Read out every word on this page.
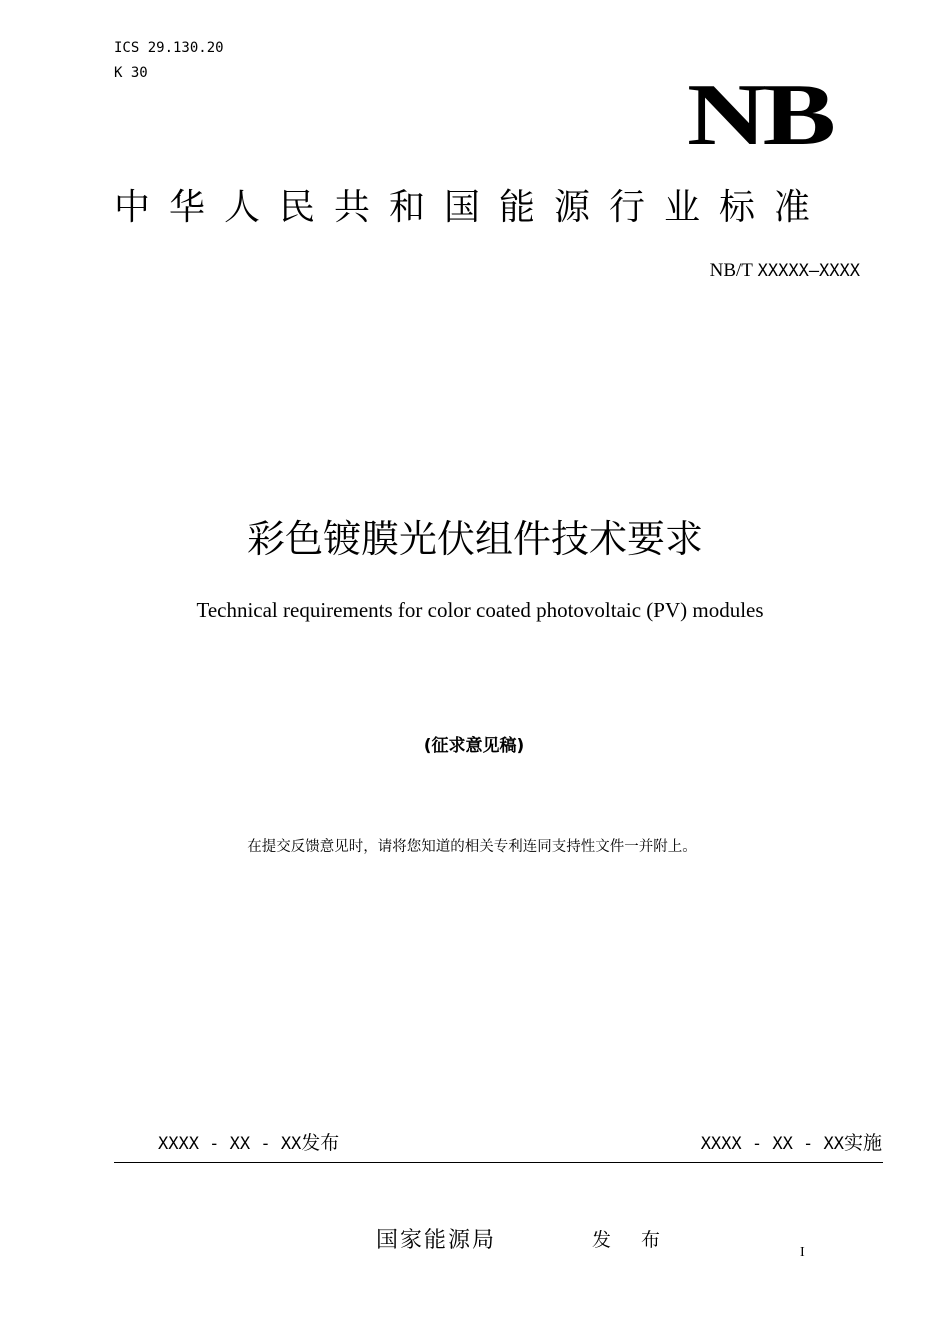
ICS 29.130.20
K 30	NB
中华人民共和国能源行业标准
NB/T XXXXX—XXXX
彩色镀膜光伏组件技术要求
Technical requirements for color coated photovoltaic (PV) modules
(征求意见稿)
在提交反馈意见时，请将您知道的相关专利连同支持性文件一并附上。
XXXX - XX - XX发布	XXXX - XX - XX实施
国家能源局	发 布
I
